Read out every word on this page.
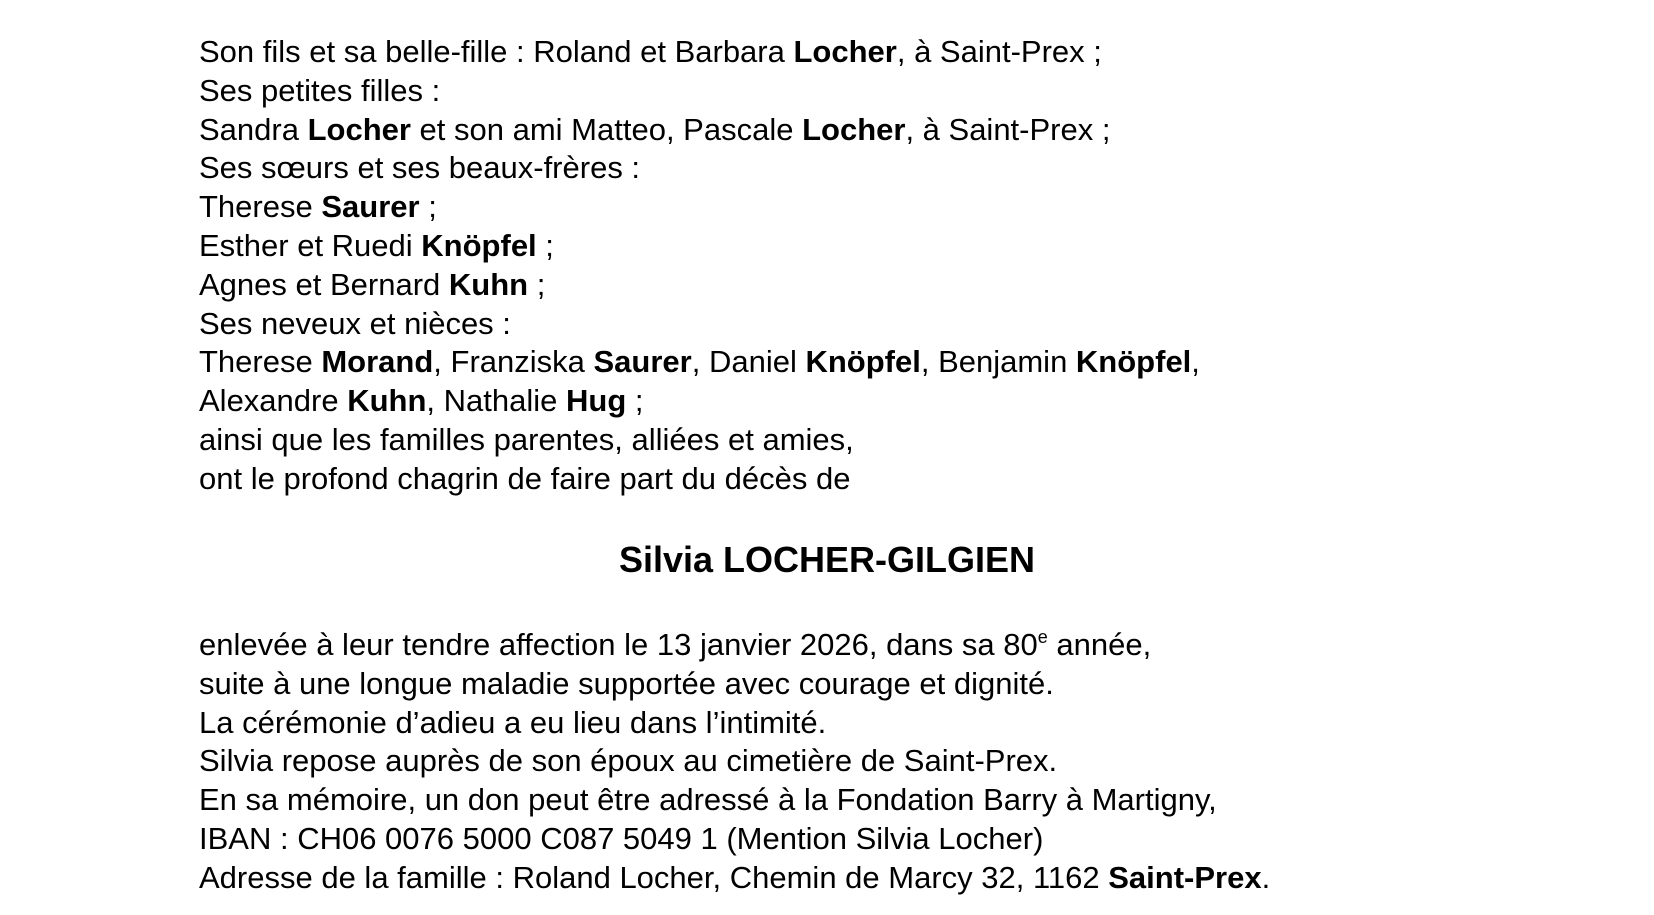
Son fils et sa belle-fille : Roland et Barbara Locher, à Saint-Prex ;
Ses petites filles :
Sandra Locher et son ami Matteo, Pascale Locher, à Saint-Prex ;
Ses sœurs et ses beaux-frères :
Therese Saurer ;
Esther et Ruedi Knöpfel ;
Agnes et Bernard Kuhn ;
Ses neveux et nièces :
Therese Morand, Franziska Saurer, Daniel Knöpfel, Benjamin Knöpfel,
Alexandre Kuhn, Nathalie Hug ;
ainsi que les familles parentes, alliées et amies,
ont le profond chagrin de faire part du décès de
Silvia LOCHER-GILGIEN
enlevée à leur tendre affection le 13 janvier 2026, dans sa 80e année,
suite à une longue maladie supportée avec courage et dignité.
La cérémonie d’adieu a eu lieu dans l’intimité.
Silvia repose auprès de son époux au cimetière de Saint-Prex.
En sa mémoire, un don peut être adressé à la Fondation Barry à Martigny,
IBAN : CH06 0076 5000 C087 5049 1 (Mention Silvia Locher)
Adresse de la famille : Roland Locher, Chemin de Marcy 32, 1162 Saint-Prex.
